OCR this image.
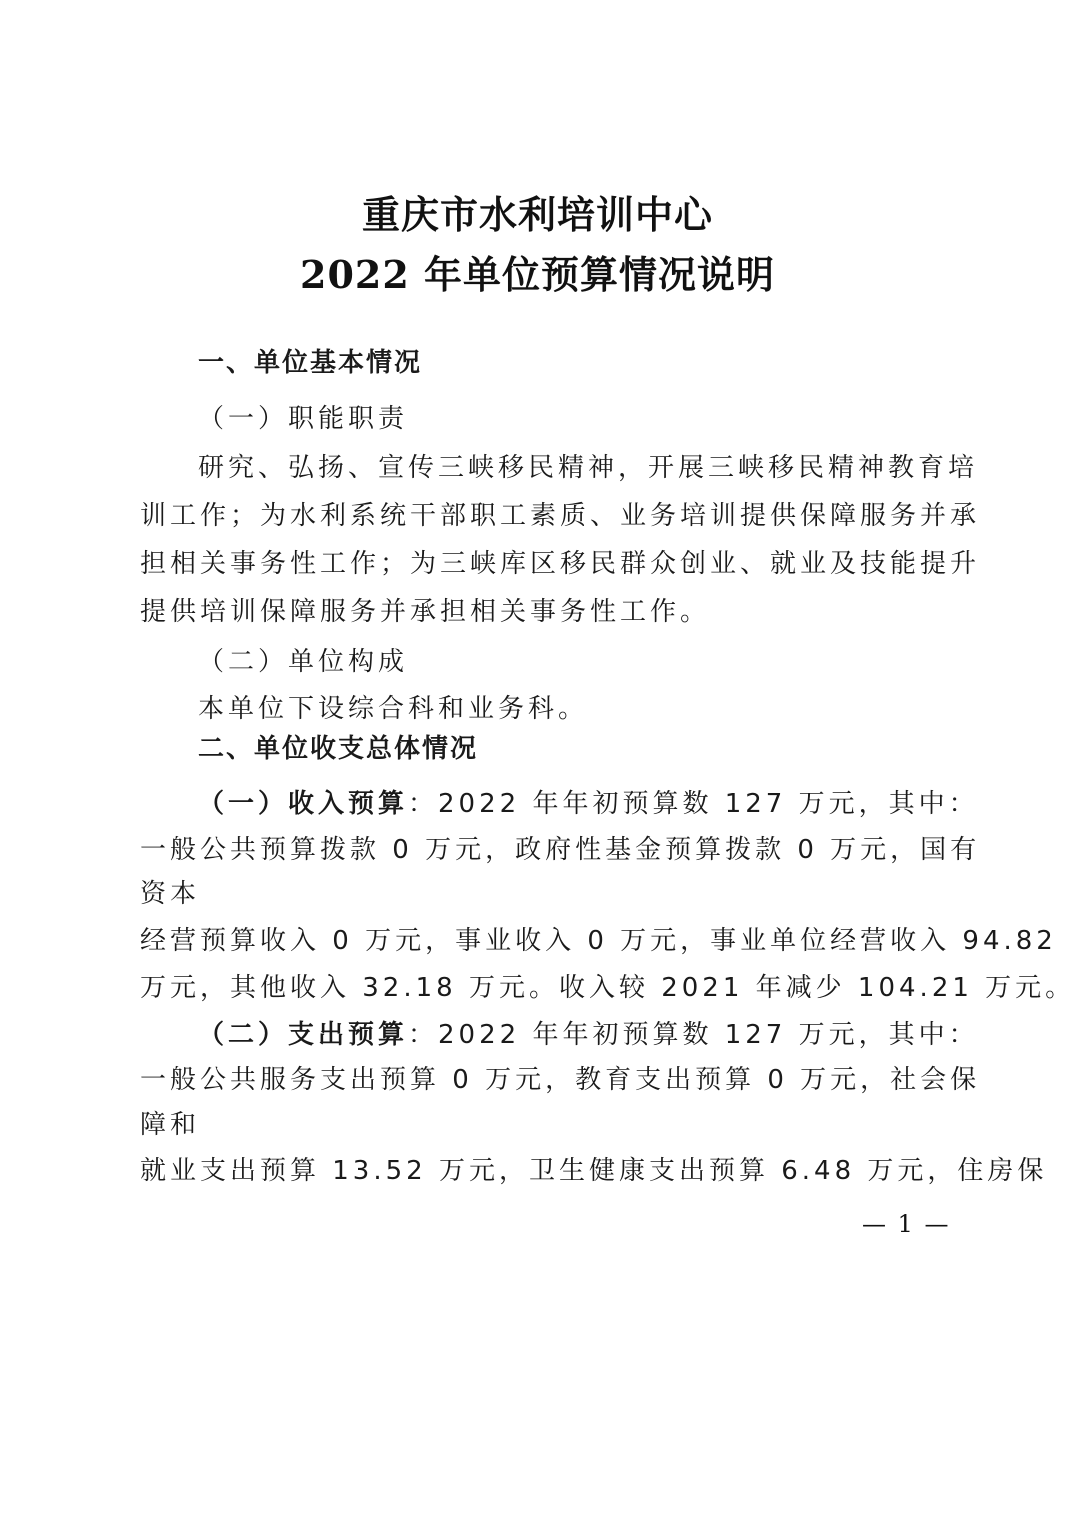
重庆市水利培训中心
2022 年单位预算情况说明
一、单位基本情况
（一）职能职责
研究、弘扬、宣传三峡移民精神，开展三峡移民精神教育培
训工作；为水利系统干部职工素质、业务培训提供保障服务并承
担相关事务性工作；为三峡库区移民群众创业、就业及技能提升
提供培训保障服务并承担相关事务性工作。
（二）单位构成
本单位下设综合科和业务科。
二、单位收支总体情况
（一）收入预算：2022 年年初预算数 127 万元，其中：
一般公共预算拨款 0 万元，政府性基金预算拨款 0 万元，国有
资本
经营预算收入 0 万元，事业收入 0 万元，事业单位经营收入 94.82
万元，其他收入 32.18 万元。收入较 2021 年减少 104.21 万元。
（二）支出预算：2022 年年初预算数 127 万元，其中：
一般公共服务支出预算 0 万元，教育支出预算 0 万元，社会保
障和
就业支出预算 13.52 万元，卫生健康支出预算 6.48 万元，住房保
— 1 —
